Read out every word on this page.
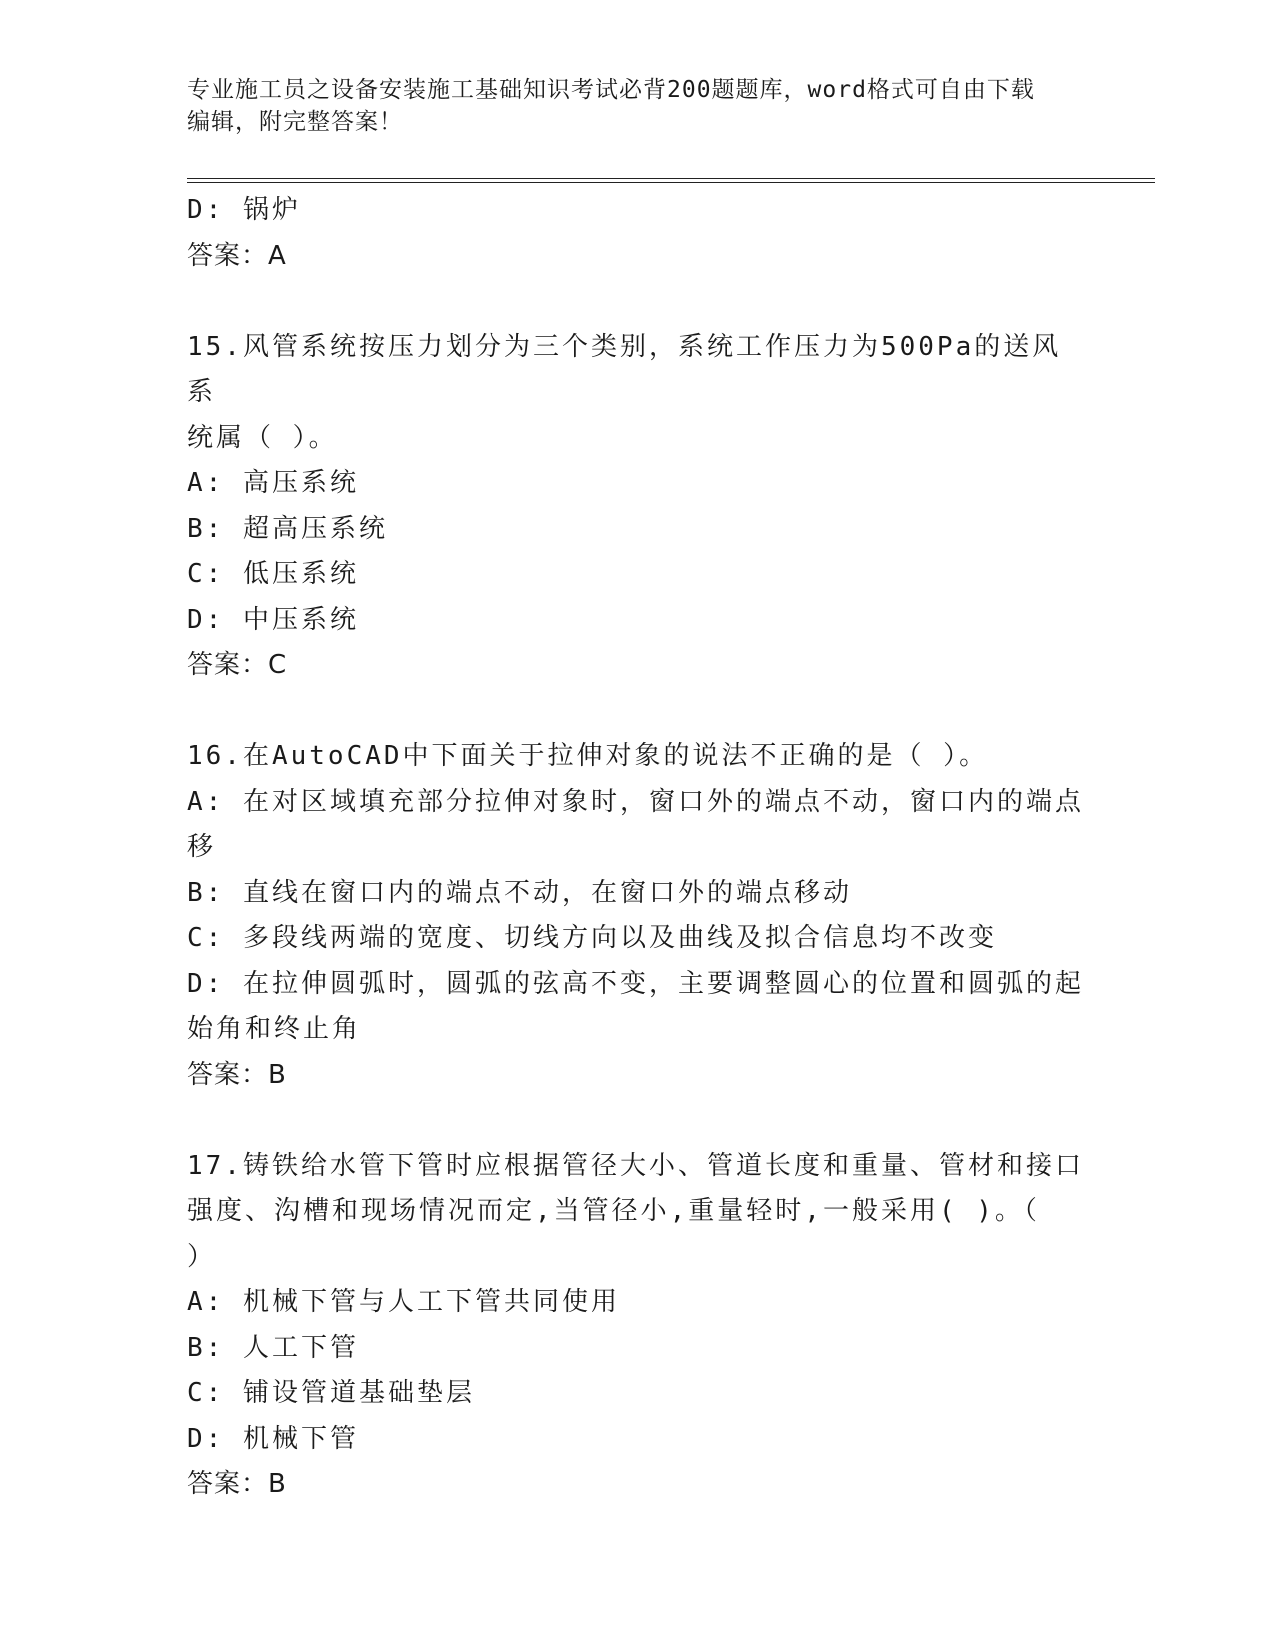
专业施工员之设备安装施工基础知识考试必背200题题库，word格式可自由下载
编辑，附完整答案！

D: 锅炉

答案：A

15.风管系统按压力划分为三个类别，系统工作压力为500Pa的送风系

统属（ ）。

A: 高压系统

B: 超高压系统

C: 低压系统

D: 中压系统

答案：C

16.在AutoCAD中下面关于拉伸对象的说法不正确的是（ ）。

A: 在对区域填充部分拉伸对象时，窗口外的端点不动，窗口内的端点

移

B: 直线在窗口内的端点不动，在窗口外的端点移动

C: 多段线两端的宽度、切线方向以及曲线及拟合信息均不改变

D: 在拉伸圆弧时，圆弧的弦高不变，主要调整圆心的位置和圆弧的起

始角和终止角

答案：B

17.铸铁给水管下管时应根据管径大小、管道长度和重量、管材和接口

强度、沟槽和现场情况而定,当管径小,重量轻时,一般采用( )。（

）

A: 机械下管与人工下管共同使用

B: 人工下管

C: 铺设管道基础垫层

D: 机械下管

答案：B
